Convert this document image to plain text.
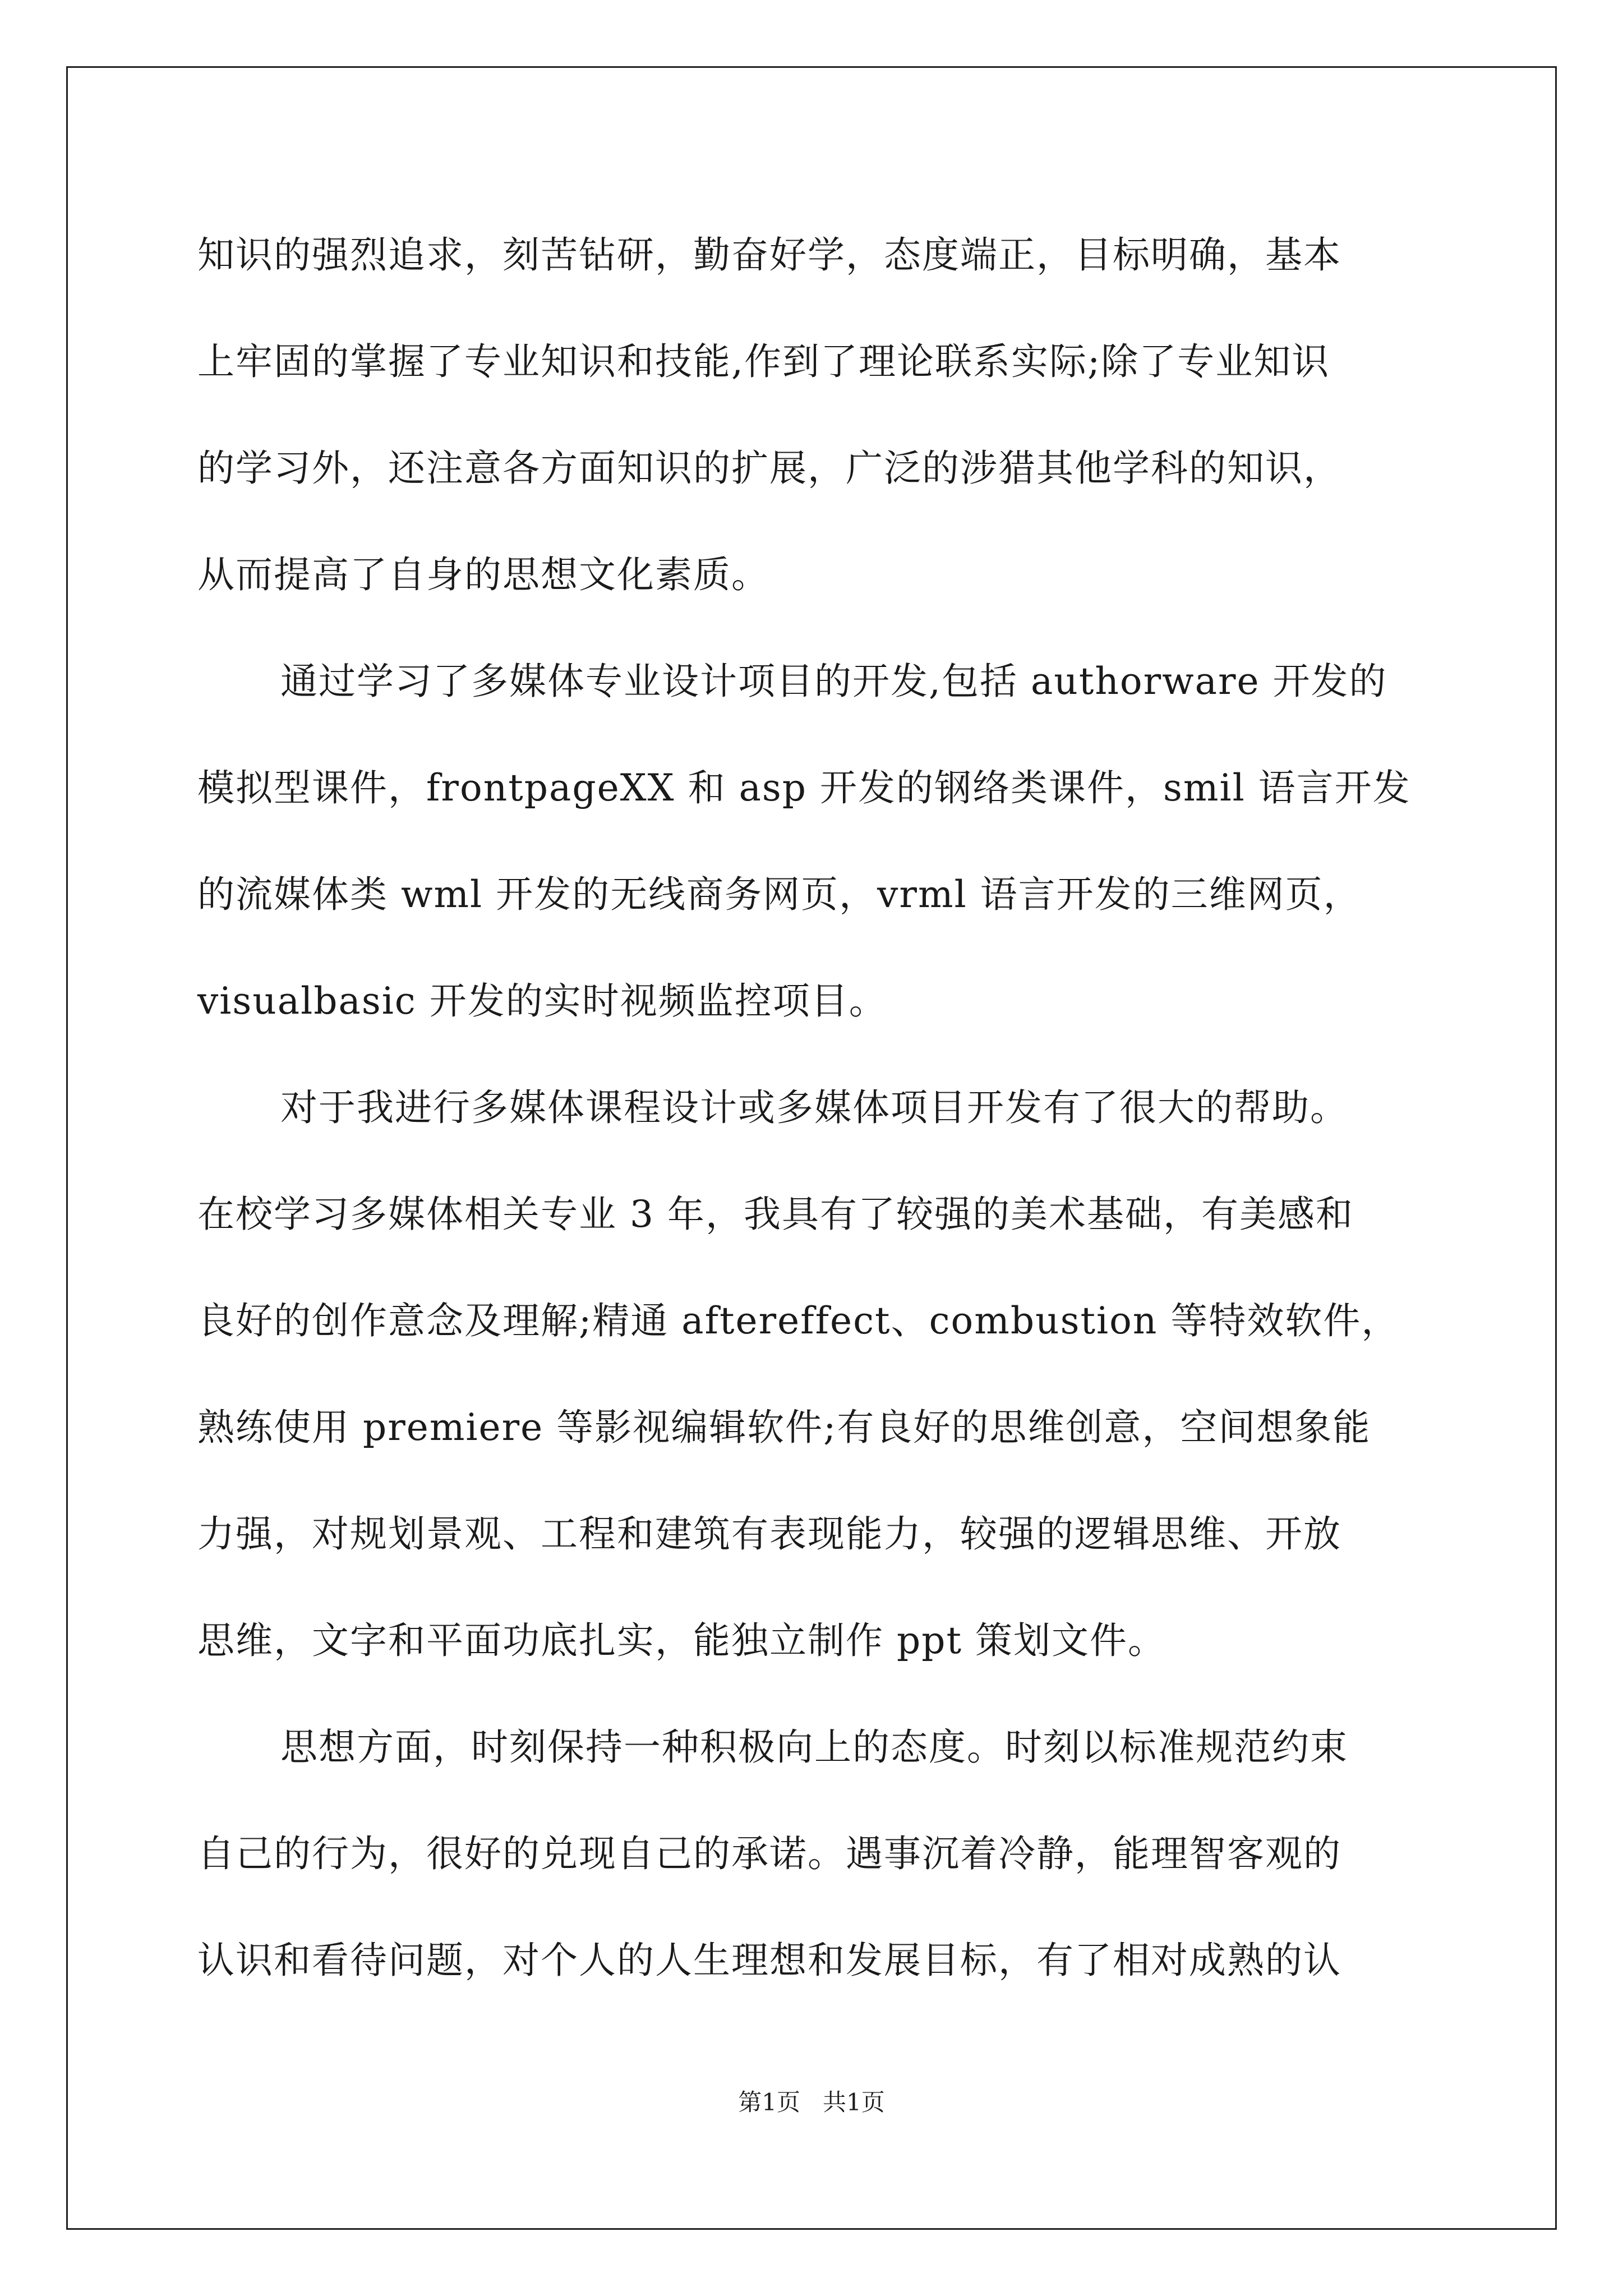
知识的强烈追求，刻苦钻研，勤奋好学，态度端正，目标明确，基本
上牢固的掌握了专业知识和技能,作到了理论联系实际;除了专业知识
的学习外，还注意各方面知识的扩展，广泛的涉猎其他学科的知识，
从而提高了自身的思想文化素质。
通过学习了多媒体专业设计项目的开发,包括 authorware 开发的
模拟型课件，frontpageXX 和 asp 开发的钢络类课件，smil 语言开发
的流媒体类 wml 开发的无线商务网页，vrml 语言开发的三维网页，
visualbasic 开发的实时视频监控项目。
对于我进行多媒体课程设计或多媒体项目开发有了很大的帮助。
在校学习多媒体相关专业 3 年，我具有了较强的美术基础，有美感和
良好的创作意念及理解;精通 aftereffect、combustion 等特效软件，
熟练使用 premiere 等影视编辑软件;有良好的思维创意，空间想象能
力强，对规划景观、工程和建筑有表现能力，较强的逻辑思维、开放
思维，文字和平面功底扎实，能独立制作 ppt 策划文件。
思想方面，时刻保持一种积极向上的态度。时刻以标准规范约束
自己的行为，很好的兑现自己的承诺。遇事沉着冷静，能理智客观的
认识和看待问题，对个人的人生理想和发展目标，有了相对成熟的认
第1页   共1页
